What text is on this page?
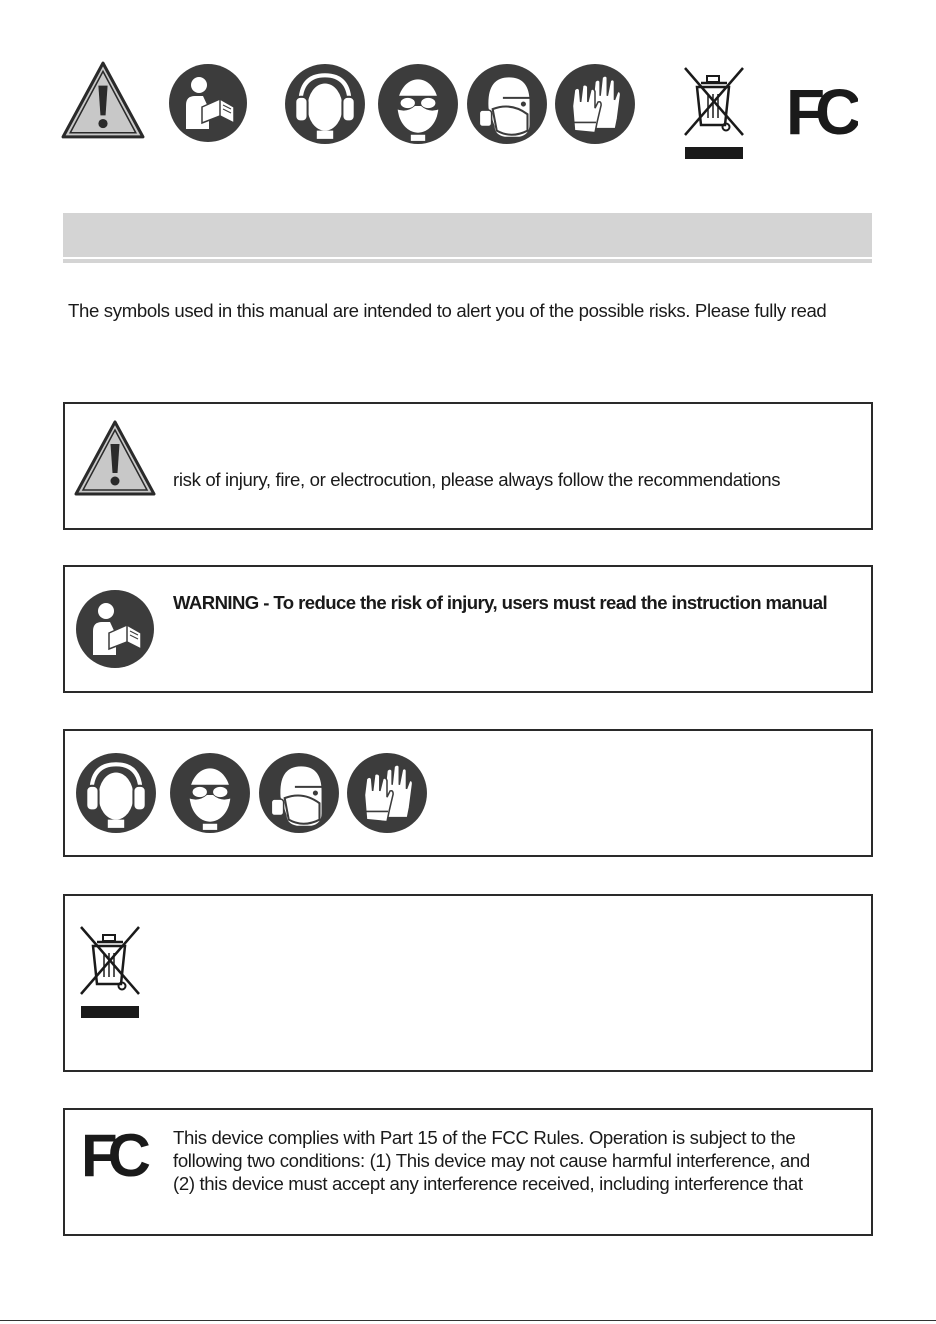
FC
The symbols used in this manual are intended to alert you of the possible risks. Please fully read
risk of injury, fire, or electrocution, please always follow the recommendations
WARNING - To reduce the risk of injury, users must read the instruction manual
FC	This device complies with Part 15 of the FCC Rules. Operation is subject to the
following two conditions: (1) This device may not cause harmful interference, and
(2) this device must accept any interference received, including interference that
